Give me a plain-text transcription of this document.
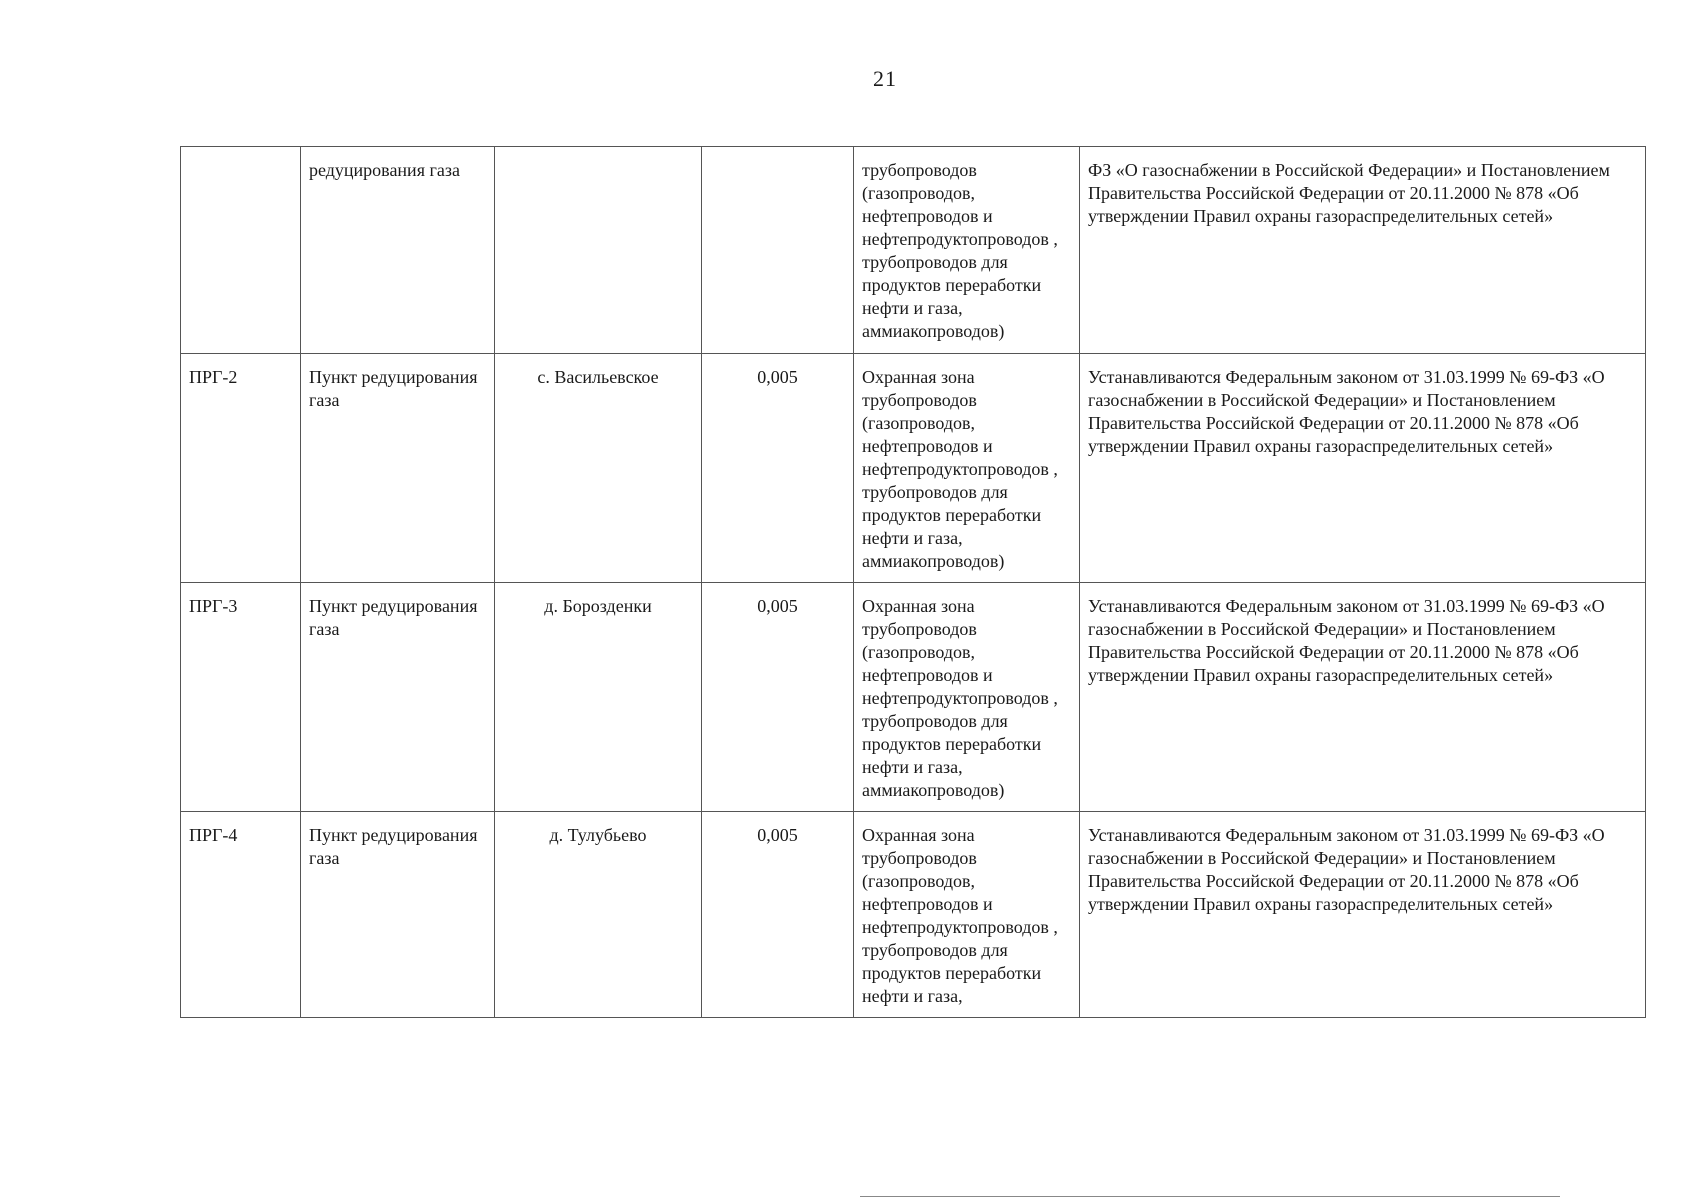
21
	редуцирования газа			трубопроводов (газопроводов, нефтепроводов и нефтепродуктопроводов , трубопроводов для продуктов переработки нефти и газа, аммиакопроводов)	ФЗ «О газоснабжении в Российской Федерации» и Постановлением Правительства Российской Федерации от 20.11.2000 № 878 «Об утверждении Правил охраны газораспределительных сетей»
ПРГ-2	Пункт редуцирования газа	с. Васильевское	0,005	Охранная зона трубопроводов (газопроводов, нефтепроводов и нефтепродуктопроводов , трубопроводов для продуктов переработки нефти и газа, аммиакопроводов)	Устанавливаются Федеральным законом от 31.03.1999 № 69-ФЗ «О газоснабжении в Российской Федерации» и Постановлением Правительства Российской Федерации от 20.11.2000 № 878 «Об утверждении Правил охраны газораспределительных сетей»
ПРГ-3	Пункт редуцирования газа	д. Борозденки	0,005	Охранная зона трубопроводов (газопроводов, нефтепроводов и нефтепродуктопроводов , трубопроводов для продуктов переработки нефти и газа, аммиакопроводов)	Устанавливаются Федеральным законом от 31.03.1999 № 69-ФЗ «О газоснабжении в Российской Федерации» и Постановлением Правительства Российской Федерации от 20.11.2000 № 878 «Об утверждении Правил охраны газораспределительных сетей»
ПРГ-4	Пункт редуцирования газа	д. Тулубьево	0,005	Охранная зона трубопроводов (газопроводов, нефтепроводов и нефтепродуктопроводов , трубопроводов для продуктов переработки нефти и газа,	Устанавливаются Федеральным законом от 31.03.1999 № 69-ФЗ «О газоснабжении в Российской Федерации» и Постановлением Правительства Российской Федерации от 20.11.2000 № 878 «Об утверждении Правил охраны газораспределительных сетей»
